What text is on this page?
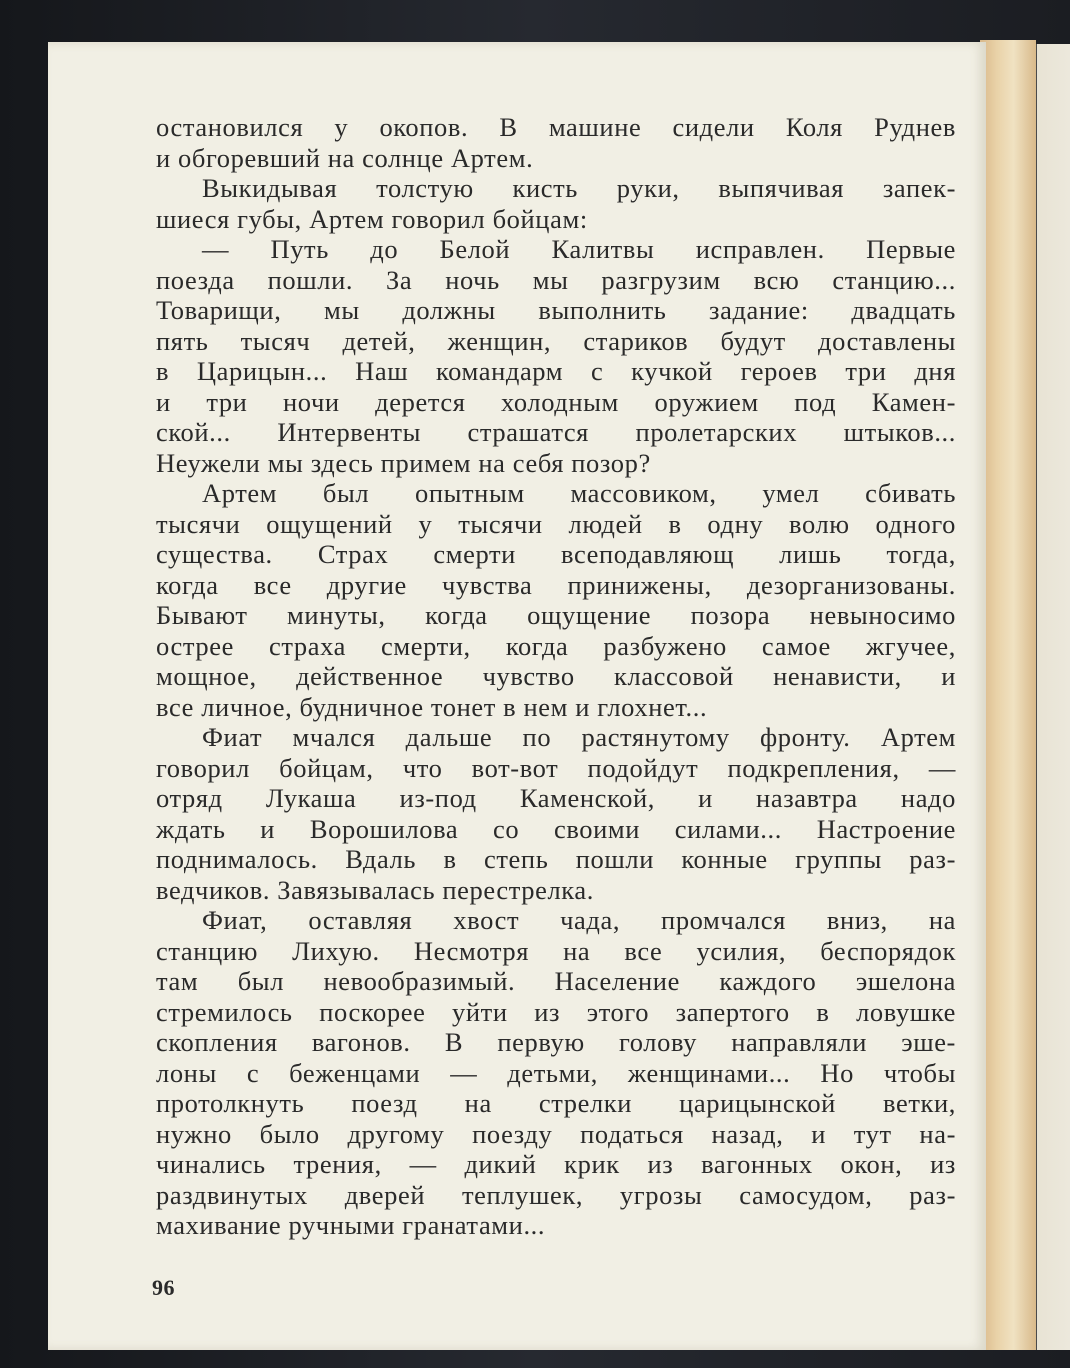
остановился у окопов. В машине сидели Коля Руднев
и обгоревший на солнце Артем.
Выкидывая толстую кисть руки, выпячивая запек-
шиеся губы, Артем говорил бойцам:
— Путь до Белой Калитвы исправлен. Первые
поезда пошли. За ночь мы разгрузим всю станцию...
Товарищи, мы должны выполнить задание: двадцать
пять тысяч детей, женщин, стариков будут доставлены
в Царицын... Наш командарм с кучкой героев три дня
и три ночи дерется холодным оружием под Камен-
ской... Интервенты страшатся пролетарских штыков...
Неужели мы здесь примем на себя позор?
Артем был опытным массовиком, умел сбивать
тысячи ощущений у тысячи людей в одну волю одного
существа. Страх смерти всеподавляющ лишь тогда,
когда все другие чувства принижены, дезорганизованы.
Бывают минуты, когда ощущение позора невыносимо
острее страха смерти, когда разбужено самое жгучее,
мощное, действенное чувство классовой ненависти, и
все личное, будничное тонет в нем и глохнет...
Фиат мчался дальше по растянутому фронту. Артем
говорил бойцам, что вот-вот подойдут подкрепления, —
отряд Лукаша из-под Каменской, и назавтра надо
ждать и Ворошилова со своими силами... Настроение
поднималось. Вдаль в степь пошли конные группы раз-
ведчиков. Завязывалась перестрелка.
Фиат, оставляя хвост чада, промчался вниз, на
станцию Лихую. Несмотря на все усилия, беспорядок
там был невообразимый. Население каждого эшелона
стремилось поскорее уйти из этого запертого в ловушке
скопления вагонов. В первую голову направляли эше-
лоны с беженцами — детьми, женщинами... Но чтобы
протолкнуть поезд на стрелки царицынской ветки,
нужно было другому поезду податься назад, и тут на-
чинались трения, — дикий крик из вагонных окон, из
раздвинутых дверей теплушек, угрозы самосудом, раз-
махивание ручными гранатами...
96
